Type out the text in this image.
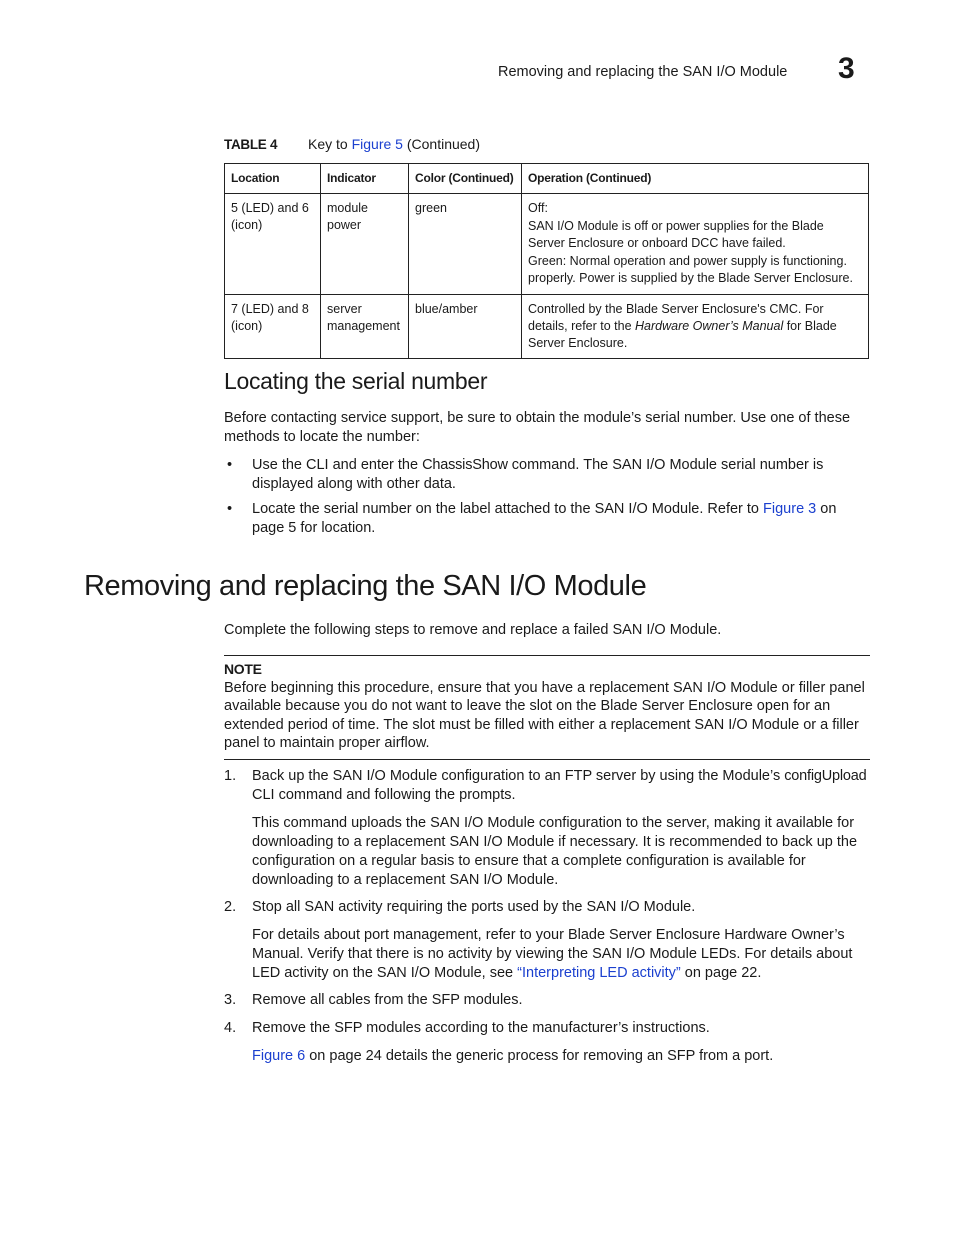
Removing and replacing the SAN I/O Module 3
TABLE 4 Key to Figure 5 (Continued)
Location	Indicator	Color (Continued)	Operation (Continued)
5 (LED) and 6 (icon)	module power	green	Off:

SAN I/O Module is off or power supplies for the Blade Server Enclosure or onboard DCC have failed.

Green: Normal operation and power supply is functioning. properly. Power is supplied by the Blade Server Enclosure.

7 (LED) and 8 (icon)	server management	blue/amber	Controlled by the Blade Server Enclosure's CMC. For details, refer to the Hardware Owner’s Manual for Blade Server Enclosure.
Locating the serial number

Before contacting service support, be sure to obtain the module’s serial number. Use one of these methods to locate the number:

• Use the CLI and enter the ChassisShow command. The SAN I/O Module serial number is displayed along with other data.
• Locate the serial number on the label attached to the SAN I/O Module. Refer to Figure 3 on page 5 for location.
Removing and replacing the SAN I/O Module

Complete the following steps to remove and replace a failed SAN I/O Module.

NOTE
Before beginning this procedure, ensure that you have a replacement SAN I/O Module or filler panel available because you do not want to leave the slot on the Blade Server Enclosure open for an extended period of time. The slot must be filled with either a replacement SAN I/O Module or a filler panel to maintain proper airflow.
1. Back up the SAN I/O Module configuration to an FTP server by using the Module’s configUpload CLI command and following the prompts.
This command uploads the SAN I/O Module configuration to the server, making it available for downloading to a replacement SAN I/O Module if necessary. It is recommended to back up the configuration on a regular basis to ensure that a complete configuration is available for downloading to a replacement SAN I/O Module.
2. Stop all SAN activity requiring the ports used by the SAN I/O Module.
For details about port management, refer to your Blade Server Enclosure Hardware Owner’s Manual. Verify that there is no activity by viewing the SAN I/O Module LEDs. For details about LED activity on the SAN I/O Module, see “Interpreting LED activity” on page 22.
3. Remove all cables from the SFP modules.
4. Remove the SFP modules according to the manufacturer’s instructions.
Figure 6 on page 24 details the generic process for removing an SFP from a port.
